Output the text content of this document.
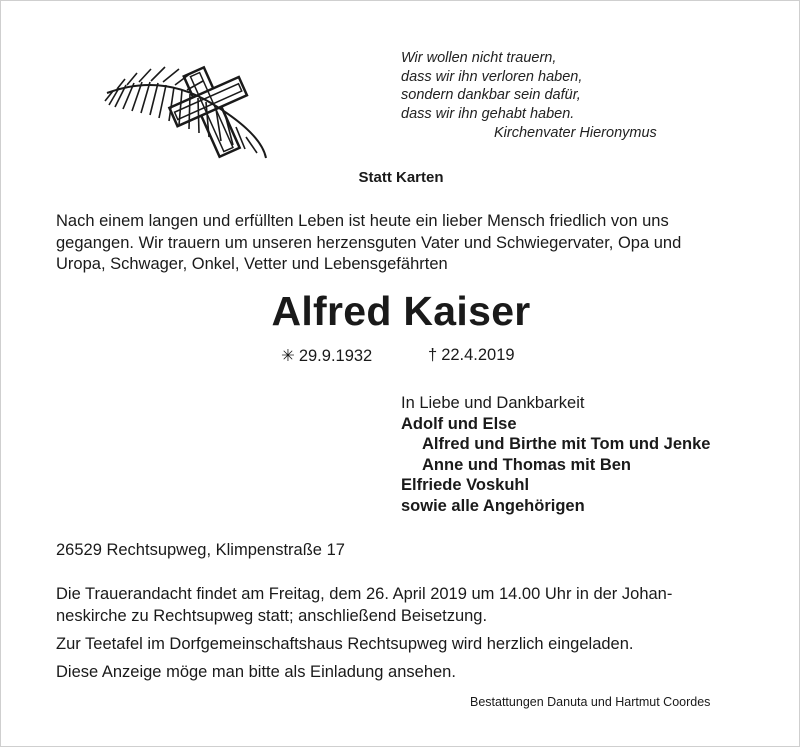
Wir wollen nicht trauern,
dass wir ihn verloren haben,
sondern dankbar sein dafür,
dass wir ihn gehabt haben.
Kirchenvater Hieronymus
Statt Karten
Nach einem langen und erfüllten Leben ist heute ein lieber Mensch friedlich von uns
gegangen. Wir trauern um unseren herzensguten Vater und Schwiegervater, Opa und
Uropa, Schwager, Onkel, Vetter und Lebensgefährten
Alfred Kaiser
✳ 29.9.1932	† 22.4.2019
In Liebe und Dankbarkeit
Adolf und Else
Alfred und Birthe mit Tom und Jenke
Anne und Thomas mit Ben
Elfriede Voskuhl
sowie alle Angehörigen
26529 Rechtsupweg, Klimpenstraße 17
Die Trauerandacht findet am Freitag, dem 26. April 2019 um 14.00 Uhr in der Johan-
neskirche zu Rechtsupweg statt; anschließend Beisetzung.
Zur Teetafel im Dorfgemeinschaftshaus Rechtsupweg wird herzlich eingeladen.
Diese Anzeige möge man bitte als Einladung ansehen.
Bestattungen Danuta und Hartmut Coordes
